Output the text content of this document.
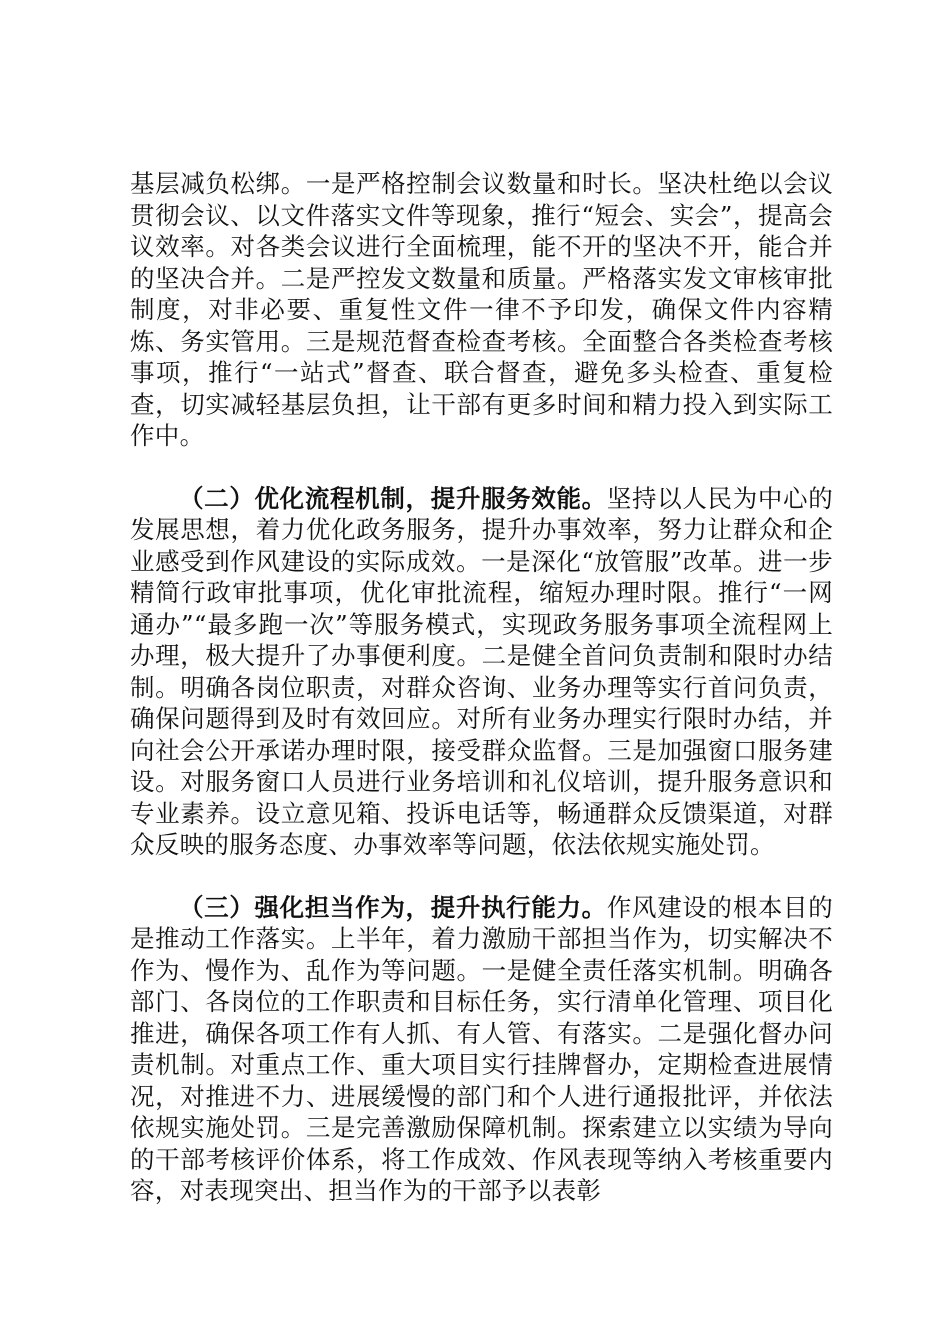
基层减负松绑。一是严格控制会议数量和时长。坚决杜绝以会议贯彻会议、以文件落实文件等现象，推行“短会、实会”，提高会议效率。对各类会议进行全面梳理，能不开的坚决不开，能合并的坚决合并。二是严控发文数量和质量。严格落实发文审核审批制度，对非必要、重复性文件一律不予印发，确保文件内容精炼、务实管用。三是规范督查检查考核。全面整合各类检查考核事项，推行“一站式”督查、联合督查，避免多头检查、重复检查，切实减轻基层负担，让干部有更多时间和精力投入到实际工作中。

（二）优化流程机制，提升服务效能。坚持以人民为中心的发展思想，着力优化政务服务，提升办事效率，努力让群众和企业感受到作风建设的实际成效。一是深化“放管服”改革。进一步精简行政审批事项，优化审批流程，缩短办理时限。推行“一网通办”“最多跑一次”等服务模式，实现政务服务事项全流程网上办理，极大提升了办事便利度。二是健全首问负责制和限时办结制。明确各岗位职责，对群众咨询、业务办理等实行首问负责，确保问题得到及时有效回应。对所有业务办理实行限时办结，并向社会公开承诺办理时限，接受群众监督。三是加强窗口服务建设。对服务窗口人员进行业务培训和礼仪培训，提升服务意识和专业素养。设立意见箱、投诉电话等，畅通群众反馈渠道，对群众反映的服务态度、办事效率等问题，依法依规实施处罚。

（三）强化担当作为，提升执行能力。作风建设的根本目的是推动工作落实。上半年，着力激励干部担当作为，切实解决不作为、慢作为、乱作为等问题。一是健全责任落实机制。明确各部门、各岗位的工作职责和目标任务，实行清单化管理、项目化推进，确保各项工作有人抓、有人管、有落实。二是强化督办问责机制。对重点工作、重大项目实行挂牌督办，定期检查进展情况，对推进不力、进展缓慢的部门和个人进行通报批评，并依法依规实施处罚。三是完善激励保障机制。探索建立以实绩为导向的干部考核评价体系，将工作成效、作风表现等纳入考核重要内容，对表现突出、担当作为的干部予以表彰
